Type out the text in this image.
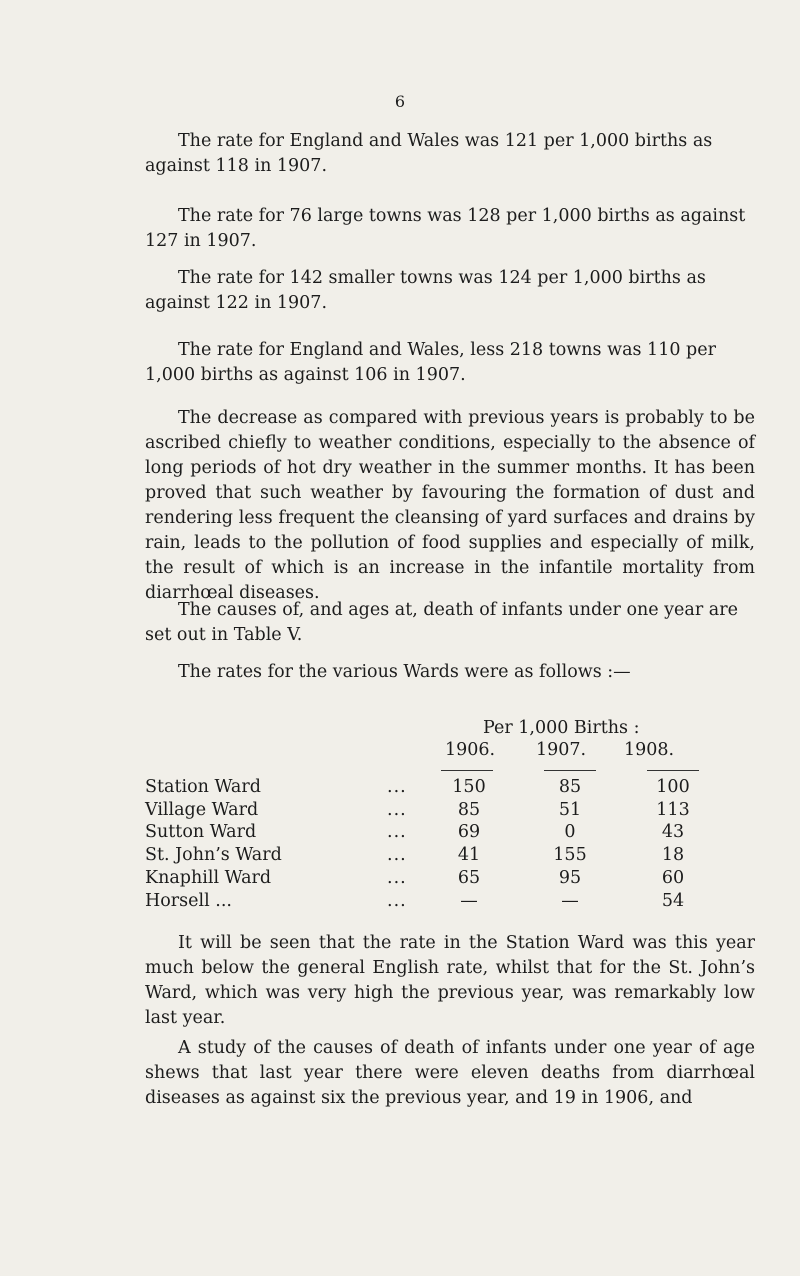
6

The rate for England and Wales was 121 per 1,000 births as against 118 in 1907.

The rate for 76 large towns was 128 per 1,000 births as against 127 in 1907.

The rate for 142 smaller towns was 124 per 1,000 births as against 122 in 1907.

The rate for England and Wales, less 218 towns was 110 per 1,000 births as against 106 in 1907.

The decrease as compared with previous years is probably to be ascribed chiefly to weather conditions, especially to the absence of long periods of hot dry weather in the summer months. It has been proved that such weather by favouring the formation of dust and rendering less frequent the cleansing of yard surfaces and drains by rain, leads to the pollution of food supplies and especially of milk, the result of which is an increase in the infantile mortality from diarrhœal diseases.

The causes of, and ages at, death of infants under one year are set out in Table V.

The rates for the various Wards were as follows :—

Per 1,000 Births :
1906. 1907. 1908.
Station Ward	...	150	85	100
Village Ward	...	85	51	113
Sutton Ward	...	69	0	43
St. John’s Ward	...	41	155	18
Knaphill Ward	...	65	95	60
Horsell ...	...	—	—	54

It will be seen that the rate in the Station Ward was this year much below the general English rate, whilst that for the St. John’s Ward, which was very high the previous year, was remarkably low last year.

A study of the causes of death of infants under one year of age shews that last year there were eleven deaths from diarrhœal diseases as against six the previous year, and 19 in 1906, and
